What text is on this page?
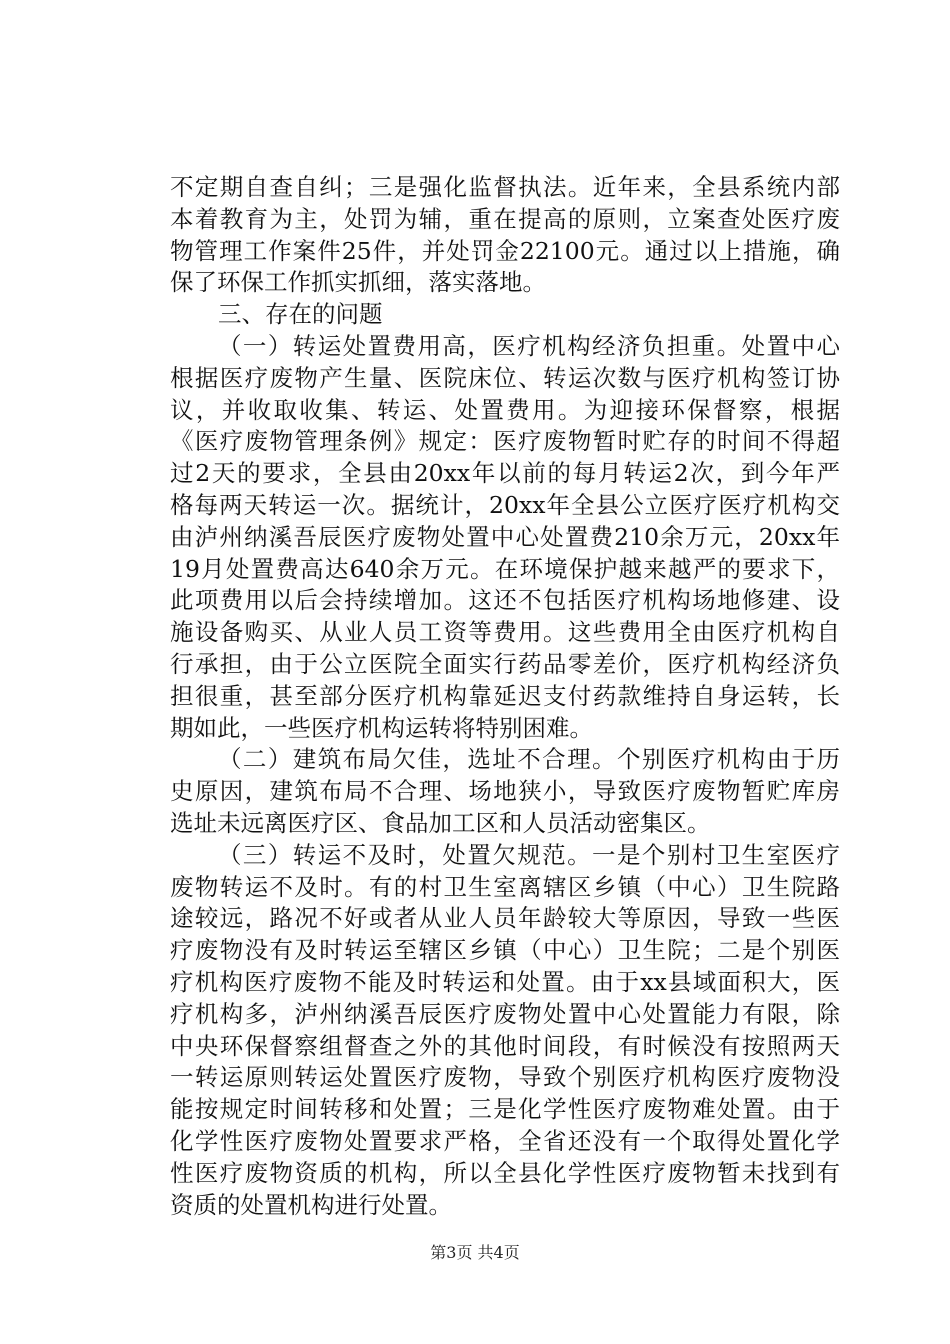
不定期自查自纠；三是强化监督执法。近年来，全县系统内部
本着教育为主，处罚为辅，重在提高的原则，立案查处医疗废
物管理工作案件25件，并处罚金22100元。通过以上措施，确
保了环保工作抓实抓细，落实落地。
三、存在的问题
（一）转运处置费用高，医疗机构经济负担重。处置中心
根据医疗废物产生量、医院床位、转运次数与医疗机构签订协
议，并收取收集、转运、处置费用。为迎接环保督察，根据
《医疗废物管理条例》规定：医疗废物暂时贮存的时间不得超
过2天的要求，全县由20xx年以前的每月转运2次，到今年严
格每两天转运一次。据统计，20xx年全县公立医疗医疗机构交
由泸州纳溪吾辰医疗废物处置中心处置费210余万元，20xx年
19月处置费高达640余万元。在环境保护越来越严的要求下，
此项费用以后会持续增加。这还不包括医疗机构场地修建、设
施设备购买、从业人员工资等费用。这些费用全由医疗机构自
行承担，由于公立医院全面实行药品零差价，医疗机构经济负
担很重，甚至部分医疗机构靠延迟支付药款维持自身运转，长
期如此，一些医疗机构运转将特别困难。
（二）建筑布局欠佳，选址不合理。个别医疗机构由于历
史原因，建筑布局不合理、场地狭小，导致医疗废物暂贮库房
选址未远离医疗区、食品加工区和人员活动密集区。
（三）转运不及时，处置欠规范。一是个别村卫生室医疗
废物转运不及时。有的村卫生室离辖区乡镇（中心）卫生院路
途较远，路况不好或者从业人员年龄较大等原因，导致一些医
疗废物没有及时转运至辖区乡镇（中心）卫生院；二是个别医
疗机构医疗废物不能及时转运和处置。由于xx县域面积大，医
疗机构多，泸州纳溪吾辰医疗废物处置中心处置能力有限，除
中央环保督察组督查之外的其他时间段，有时候没有按照两天
一转运原则转运处置医疗废物，导致个别医疗机构医疗废物没
能按规定时间转移和处置；三是化学性医疗废物难处置。由于
化学性医疗废物处置要求严格，全省还没有一个取得处置化学
性医疗废物资质的机构，所以全县化学性医疗废物暂未找到有
资质的处置机构进行处置。
第3页 共4页
